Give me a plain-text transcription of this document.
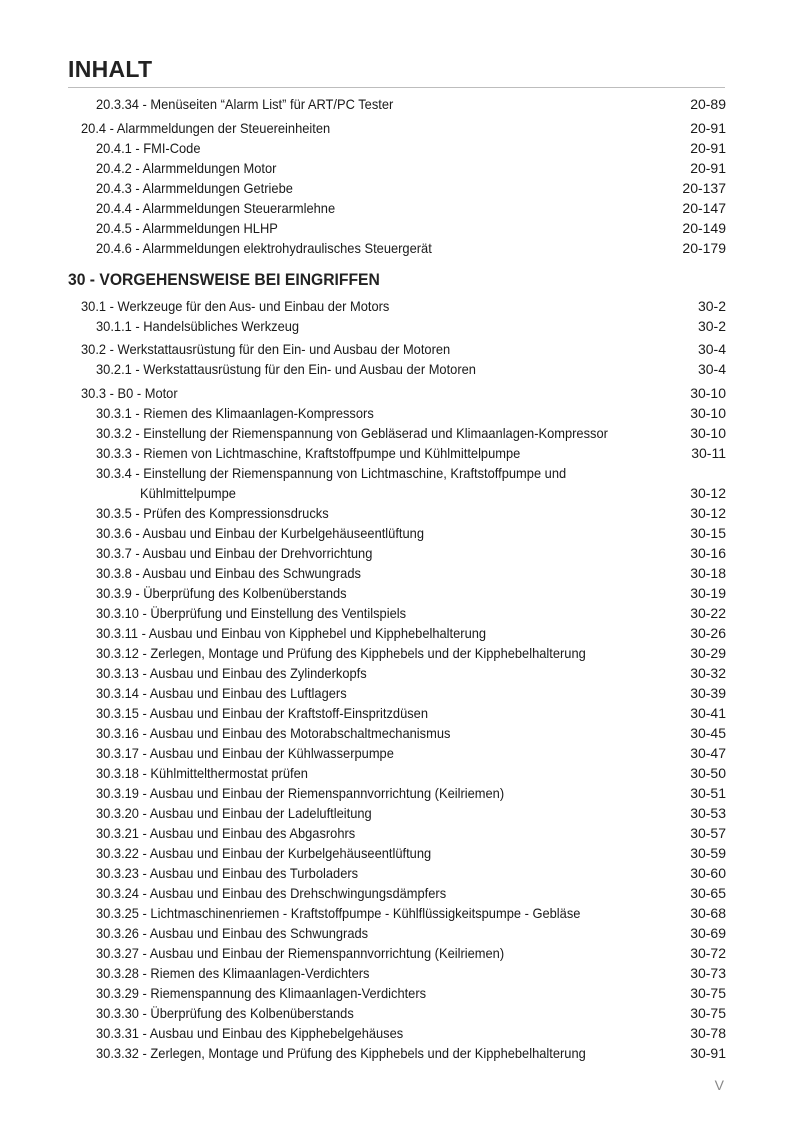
INHALT
20.3.34 - Menüseiten “Alarm List” für ART/PC Tester	20-89
20.4 - Alarmmeldungen der Steuereinheiten	20-91
20.4.1 - FMI-Code	20-91
20.4.2 - Alarmmeldungen Motor	20-91
20.4.3 - Alarmmeldungen Getriebe	20-137
20.4.4 - Alarmmeldungen Steuerarmlehne	20-147
20.4.5 - Alarmmeldungen HLHP	20-149
20.4.6 - Alarmmeldungen elektrohydraulisches Steuergerät	20-179
30 - VORGEHENSWEISE BEI EINGRIFFEN
30.1 - Werkzeuge für den Aus- und Einbau der Motors	30-2
30.1.1 - Handelsübliches Werkzeug	30-2
30.2 - Werkstattausrüstung für den Ein- und Ausbau der Motoren	30-4
30.2.1 - Werkstattausrüstung für den Ein- und Ausbau der Motoren	30-4
30.3 - B0 - Motor	30-10
30.3.1 - Riemen des Klimaanlagen-Kompressors	30-10
30.3.2 - Einstellung der Riemenspannung von Gebläserad und Klimaanlagen-Kompressor	30-10
30.3.3 - Riemen von Lichtmaschine, Kraftstoffpumpe und Kühlmittelpumpe	30-11
30.3.4 - Einstellung der Riemenspannung von Lichtmaschine, Kraftstoffpumpe und
Kühlmittelpumpe	30-12
30.3.5 - Prüfen des Kompressionsdrucks	30-12
30.3.6 - Ausbau und Einbau der Kurbelgehäuseentlüftung	30-15
30.3.7 - Ausbau und Einbau der Drehvorrichtung	30-16
30.3.8 - Ausbau und Einbau des Schwungrads	30-18
30.3.9 - Überprüfung des Kolbenüberstands	30-19
30.3.10 - Überprüfung und Einstellung des Ventilspiels	30-22
30.3.11 - Ausbau und Einbau von Kipphebel und Kipphebelhalterung	30-26
30.3.12 - Zerlegen, Montage und Prüfung des Kipphebels und der Kipphebelhalterung	30-29
30.3.13 - Ausbau und Einbau des Zylinderkopfs	30-32
30.3.14 - Ausbau und Einbau des Luftlagers	30-39
30.3.15 - Ausbau und Einbau der Kraftstoff-Einspritzdüsen	30-41
30.3.16 - Ausbau und Einbau des Motorabschaltmechanismus	30-45
30.3.17 - Ausbau und Einbau der Kühlwasserpumpe	30-47
30.3.18 - Kühlmittelthermostat prüfen	30-50
30.3.19 - Ausbau und Einbau der Riemenspannvorrichtung (Keilriemen)	30-51
30.3.20 - Ausbau und Einbau der Ladeluftleitung	30-53
30.3.21 - Ausbau und Einbau des Abgasrohrs	30-57
30.3.22 - Ausbau und Einbau der Kurbelgehäuseentlüftung	30-59
30.3.23 - Ausbau und Einbau des Turboladers	30-60
30.3.24 - Ausbau und Einbau des Drehschwingungsdämpfers	30-65
30.3.25 - Lichtmaschinenriemen - Kraftstoffpumpe - Kühlflüssigkeitspumpe - Gebläse	30-68
30.3.26 - Ausbau und Einbau des Schwungrads	30-69
30.3.27 - Ausbau und Einbau der Riemenspannvorrichtung (Keilriemen)	30-72
30.3.28 - Riemen des Klimaanlagen-Verdichters	30-73
30.3.29 - Riemenspannung des Klimaanlagen-Verdichters	30-75
30.3.30 - Überprüfung des Kolbenüberstands	30-75
30.3.31 - Ausbau und Einbau des Kipphebelgehäuses	30-78
30.3.32 - Zerlegen, Montage und Prüfung des Kipphebels und der Kipphebelhalterung	30-91
V
